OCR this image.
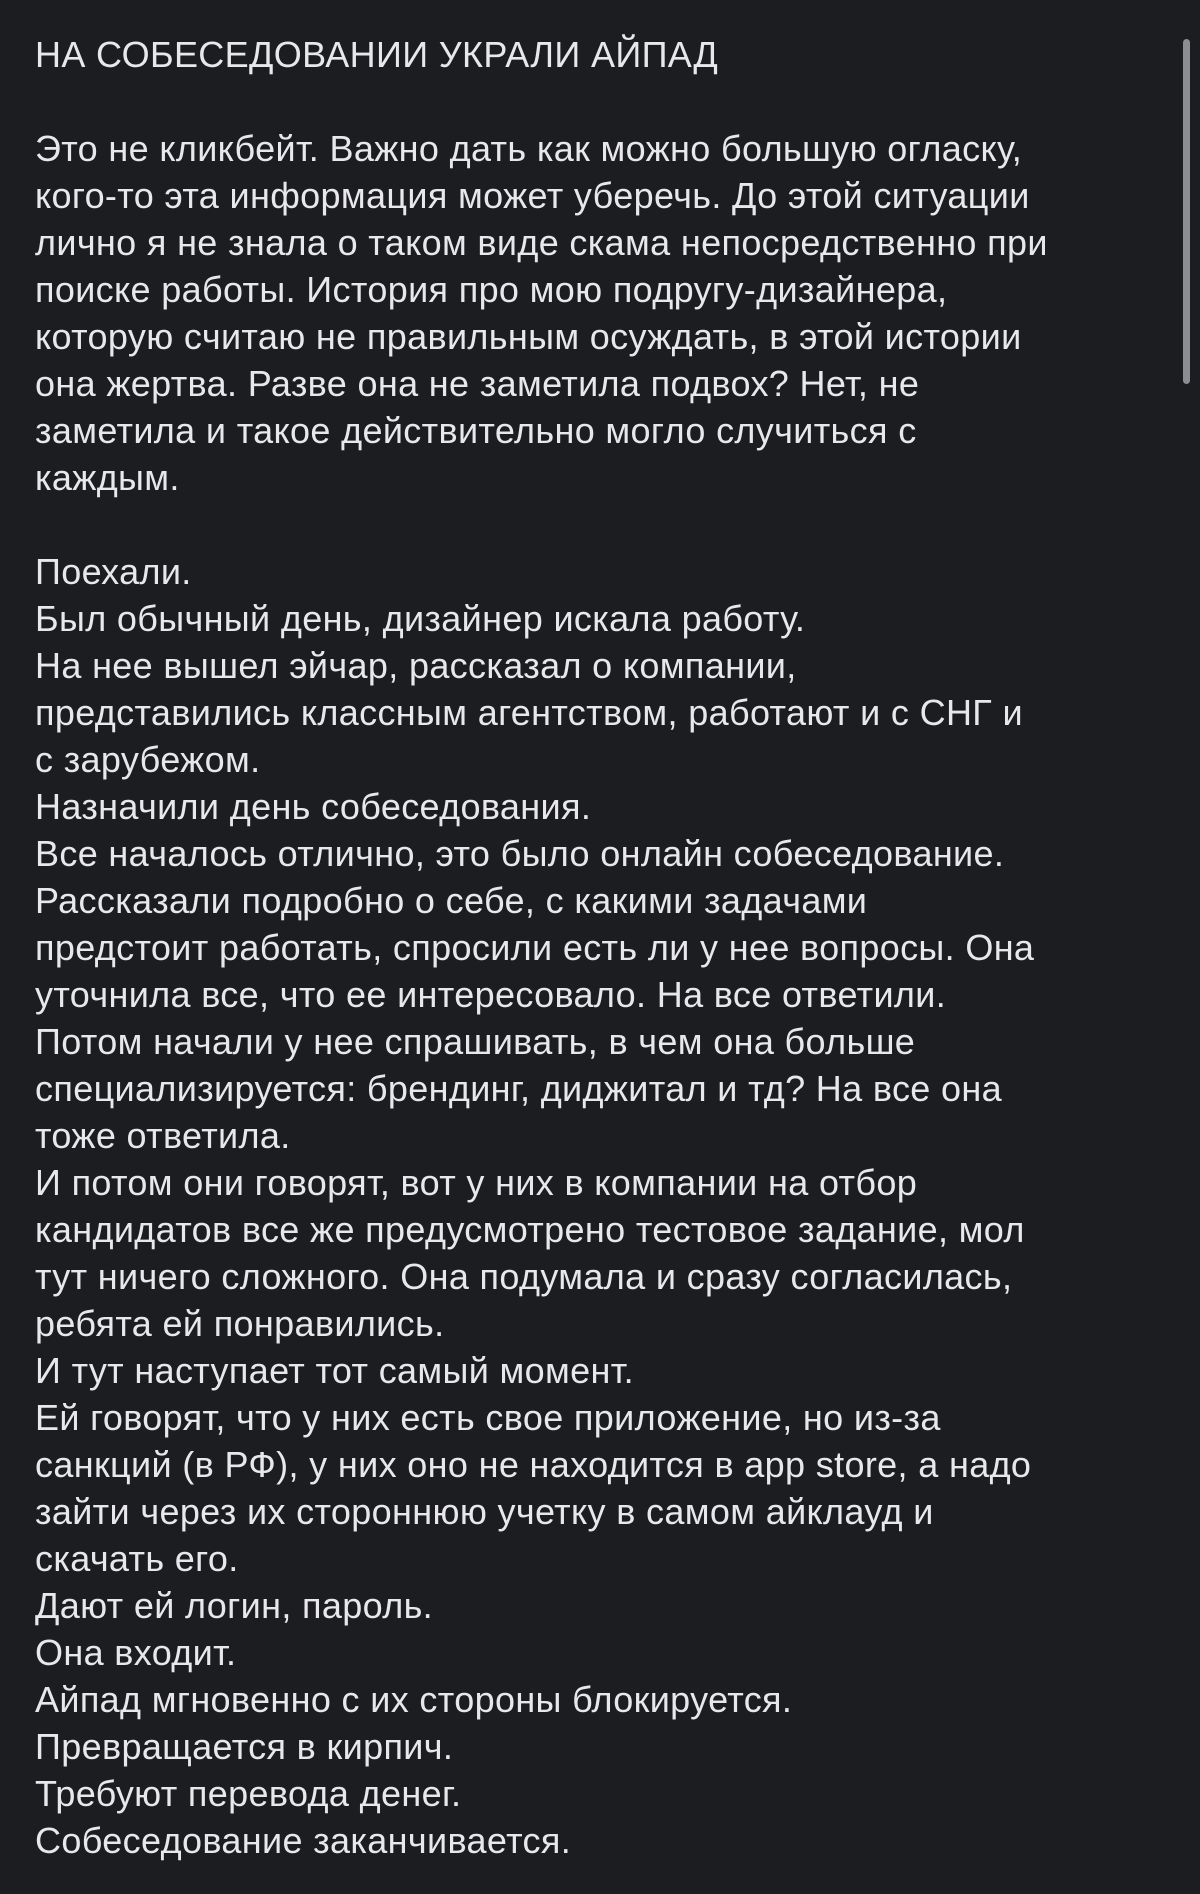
НА СОБЕСЕДОВАНИИ УКРАЛИ АЙПАД
Это не кликбейт. Важно дать как можно большую огласку,
кого-то эта информация может уберечь. До этой ситуации
лично я не знала о таком виде скама непосредственно при
поиске работы. История про мою подругу-дизайнера,
которую считаю не правильным осуждать, в этой истории
она жертва. Разве она не заметила подвох? Нет, не
заметила и такое действительно могло случиться с
каждым.
Поехали.
Был обычный день, дизайнер искала работу.
На нее вышел эйчар, рассказал о компании,
представились классным агентством, работают и с СНГ и
с зарубежом.
Назначили день собеседования.
Все началось отлично, это было онлайн собеседование.
Рассказали подробно о себе, с какими задачами
предстоит работать, спросили есть ли у нее вопросы. Она
уточнила все, что ее интересовало. На все ответили.
Потом начали у нее спрашивать, в чем она больше
специализируется: брендинг, диджитал и тд? На все она
тоже ответила.
И потом они говорят, вот у них в компании на отбор
кандидатов все же предусмотрено тестовое задание, мол
тут ничего сложного. Она подумала и сразу согласилась,
ребята ей понравились.
И тут наступает тот самый момент.
Ей говорят, что у них есть свое приложение, но из-за
санкций (в РФ), у них оно не находится в app store, а надо
зайти через их стороннюю учетку в самом айклауд и
скачать его.
Дают ей логин, пароль.
Она входит.
Айпад мгновенно с их стороны блокируется.
Превращается в кирпич.
Требуют перевода денег.
Собеседование заканчивается.
